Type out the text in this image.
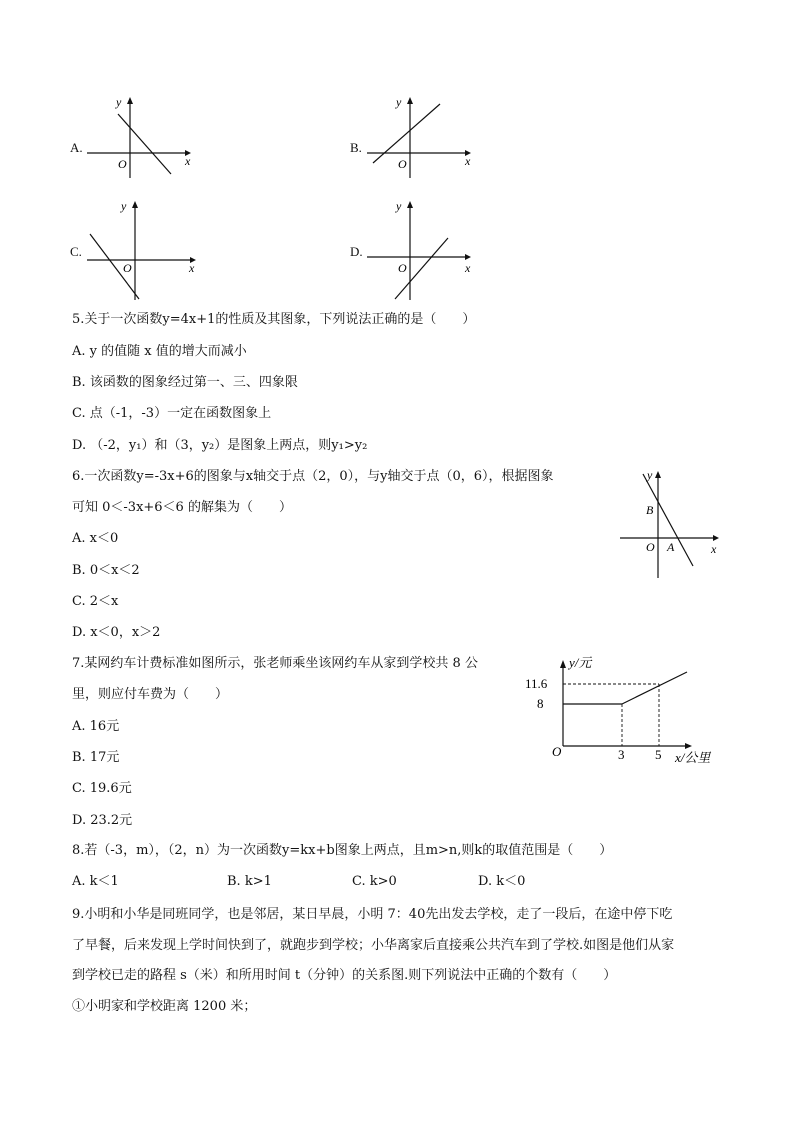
A.
y
O	x
B.
y
O	x
C.
y
O	x
D.
y
O	x
5.关于一次函数y=4x+1的性质及其图象，下列说法正确的是（　　）
A. y 的值随 x 值的增大而减小
B. 该函数的图象经过第一、三、四象限
C. 点（-1，-3）一定在函数图象上
D. （-2，y₁）和（3，y₂）是图象上两点，则y₁>y₂
6.一次函数y=-3x+6的图象与x轴交于点（2，0），与y轴交于点（0，6），根据图象
可知 0＜-3x+6＜6 的解集为（　　）
A. x＜0
B. 0＜x＜2
C. 2＜x
D. x＜0，x＞2
y
B
O A	x
7.某网约车计费标准如图所示，张老师乘坐该网约车从家到学校共 8 公
里，则应付车费为（　　）
A. 16元
B. 17元
C. 19.6元
D. 23.2元
y/元
11.6
8
O	3 5 x/公里
8.若（-3，m），（2，n）为一次函数y=kx+b图象上两点，且m>n,则k的取值范围是（　　）
A. k＜1	B. k>1	C. k>0	D. k＜0
9.小明和小华是同班同学，也是邻居，某日早晨，小明 7：40先出发去学校，走了一段后，在途中停下吃
了早餐，后来发现上学时间快到了，就跑步到学校；小华离家后直接乘公共汽车到了学校.如图是他们从家
到学校已走的路程 s（米）和所用时间 t（分钟）的关系图.则下列说法中正确的个数有（　　）
①小明家和学校距离 1200 米；
